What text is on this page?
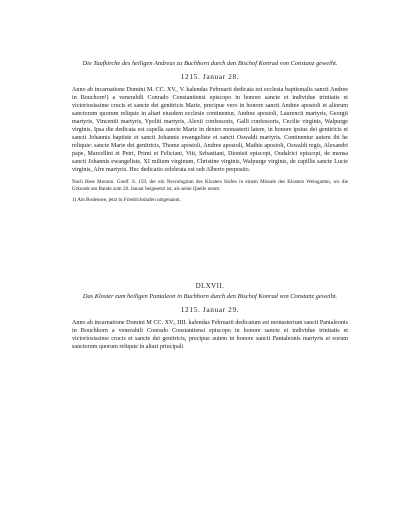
Die Taufkirche des heiligen Andreas zu Buchhorn durch den Bischof Konrad von Constanz geweiht.

1215. Januar 28.

Anno ab incarnatione Domini M. CC. XV., V. kalendas Februarii dedicata est ecclesia baptismalis sancti Andree in Bouchorn¹) a venerabili Conrado Constantiensi episcopo in honore sancte et individue trinitatis et victoriosissime crucis et sancte dei genitricis Marie, precipue vero in honore sancti Andree apostoli et aliorum sanctorum quorum reliquie in altari eiusdem ecclesie continentur, Andree apostoli, Laurencii martyris, Georgii martyris, Vincentii martyris, Ypoliti martyris, Alexii confessoris, Galli confessoris, Cecilie virginis, Walpurge virginis. Ipsa die dedicata est capella sancte Marie in dextro monasterii latere, in honore ipsius dei genitricis et sancti Johannis baptiste et sancti Johannis ewangeliste et sancti Oswaldi martyris. Continentur autem ibi he reliquie: sancte Marie dei genitricis, Thome apostoli, Andree apostoli, Mathie apostoli, Oswaldi regis, Alexandri pape, Marcellini et Petri, Primi et Feliciani, Viti, Sebastiani, Dionisii episcopi, Oudalrici episcopi, de mensa sancti Johannis ewangeliste, XI milium virginum, Christine virginis, Walpurge virginis, de capillis sancte Lucie virginis, Afre martyris. Hec dedicatio celebrata est sub Alberto preposito.

Nach Hess Monum. Guelf. S. 159, der ein Necrologium des Klosters Hofen in einem Missale des Klosters Weingarten, wo die Urkunde am Rande zum 28. Januar beigesetzt ist, als seine Quelle nennt.

1) Am Bodensee, jetzt in Friedrichshafen umgenannt.

DLXVII.

Das Kloster zum heiligen Pantaleon in Buchhorn durch den Bischof Konrad von Constanz geweiht.

1215. Januar 29.

Anno ab incarnatione Domini M CC. XV., IIII. kalendas Februarii dedicatum est monasterium sancti Pantaleonis in Bouchhorn a venerabili Conrado Constantiensi episcopo in honore sancte et individue trinitatis et victoriosissime crucis et sancte dei genitricis, precipue autem in honore sancti Pantaleonis martyris et eorum sanctorum quorum reliquie in altari principali
